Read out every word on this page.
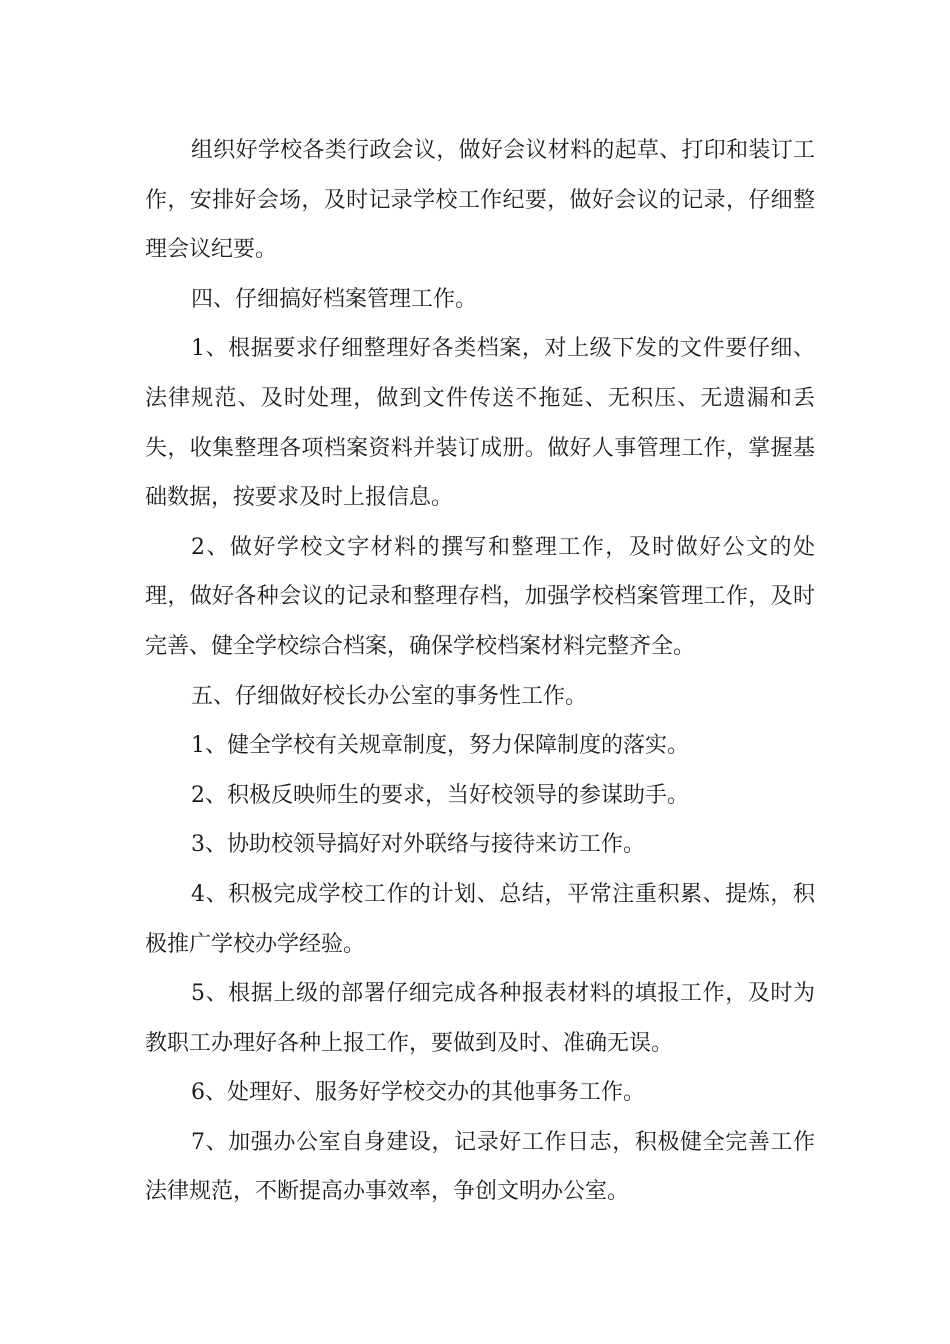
组织好学校各类行政会议，做好会议材料的起草、打印和装订工作，安排好会场，及时记录学校工作纪要，做好会议的记录，仔细整理会议纪要。

四、仔细搞好档案管理工作。

1、根据要求仔细整理好各类档案，对上级下发的文件要仔细、法律规范、及时处理，做到文件传送不拖延、无积压、无遗漏和丢失，收集整理各项档案资料并装订成册。做好人事管理工作，掌握基础数据，按要求及时上报信息。

2、做好学校文字材料的撰写和整理工作，及时做好公文的处理，做好各种会议的记录和整理存档，加强学校档案管理工作，及时完善、健全学校综合档案，确保学校档案材料完整齐全。

五、仔细做好校长办公室的事务性工作。

1、健全学校有关规章制度，努力保障制度的落实。

2、积极反映师生的要求，当好校领导的参谋助手。

3、协助校领导搞好对外联络与接待来访工作。

4、积极完成学校工作的计划、总结，平常注重积累、提炼，积极推广学校办学经验。

5、根据上级的部署仔细完成各种报表材料的填报工作，及时为教职工办理好各种上报工作，要做到及时、准确无误。

6、处理好、服务好学校交办的其他事务工作。

7、加强办公室自身建设，记录好工作日志，积极健全完善工作法律规范，不断提高办事效率，争创文明办公室。
